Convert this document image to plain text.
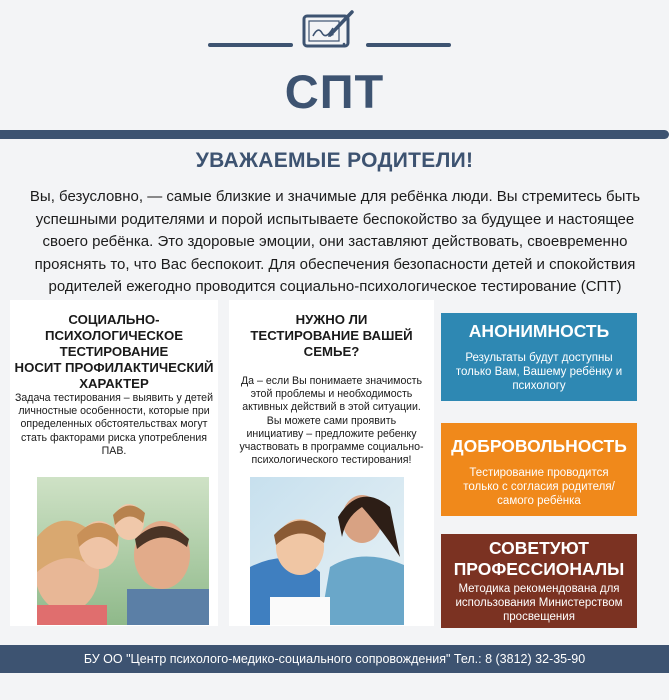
СПТ
УВАЖАЕМЫЕ РОДИТЕЛИ!
Вы, безусловно, — самые близкие и значимые для ребёнка люди. Вы стремитесь быть успешными родителями и порой испытываете беспокойство за будущее и настоящее своего ребёнка. Это здоровые эмоции, они заставляют действовать, своевременно прояснять то, что Вас беспокоит. Для обеспечения безопасности детей и спокойствия родителей ежегодно проводится социально-психологическое тестирование (СПТ)
СОЦИАЛЬНО-
ПСИХОЛОГИЧЕСКОЕ
ТЕСТИРОВАНИЕ
НОСИТ ПРОФИЛАКТИЧЕСКИЙ
ХАРАКТЕР
Задача тестирования – выявить у детей
личностные особенности, которые при
определенных обстоятельствах могут
стать факторами риска употребления
ПАВ.
НУЖНО ЛИ
ТЕСТИРОВАНИЕ ВАШЕЙ
СЕМЬЕ?
Да – если Вы понимаете значимость
этой проблемы и необходимость
активных действий в этой ситуации.
Вы можете сами проявить
инициативу – предложите ребенку
участвовать в программе социально-
психологического тестирования!
АНОНИМНОСТЬ
Результаты будут доступны
только Вам, Вашему ребёнку и
психологу
ДОБРОВОЛЬНОСТЬ
Тестирование проводится
только с согласия родителя/
самого ребёнка
СОВЕТУЮТ
ПРОФЕССИОНАЛЫ
Методика рекомендована для
использования Министерством
просвещения
БУ ОО "Центр психолого-медико-социального сопровождения" Тел.: 8 (3812) 32-35-90
